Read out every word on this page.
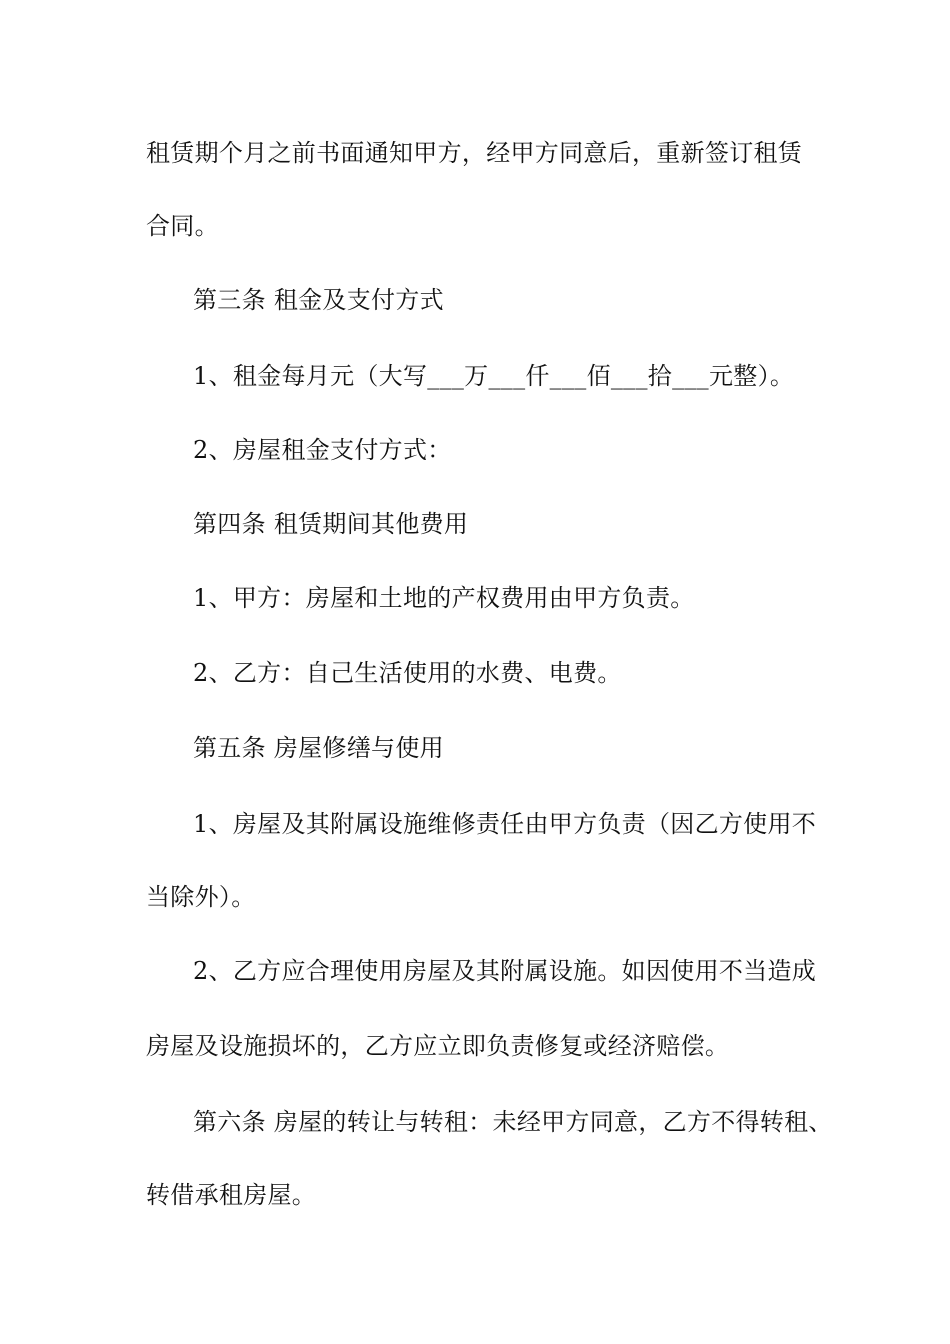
租赁期个月之前书面通知甲方，经甲方同意后，重新签订租赁
合同。
第三条 租金及支付方式
1、租金每月元（大写___万___仟___佰___拾___元整）。
2、房屋租金支付方式：
第四条 租赁期间其他费用
1、甲方：房屋和土地的产权费用由甲方负责。
2、乙方：自己生活使用的水费、电费。
第五条 房屋修缮与使用
1、房屋及其附属设施维修责任由甲方负责（因乙方使用不
当除外）。
2、乙方应合理使用房屋及其附属设施。如因使用不当造成
房屋及设施损坏的，乙方应立即负责修复或经济赔偿。
第六条 房屋的转让与转租：未经甲方同意，乙方不得转租、
转借承租房屋。
